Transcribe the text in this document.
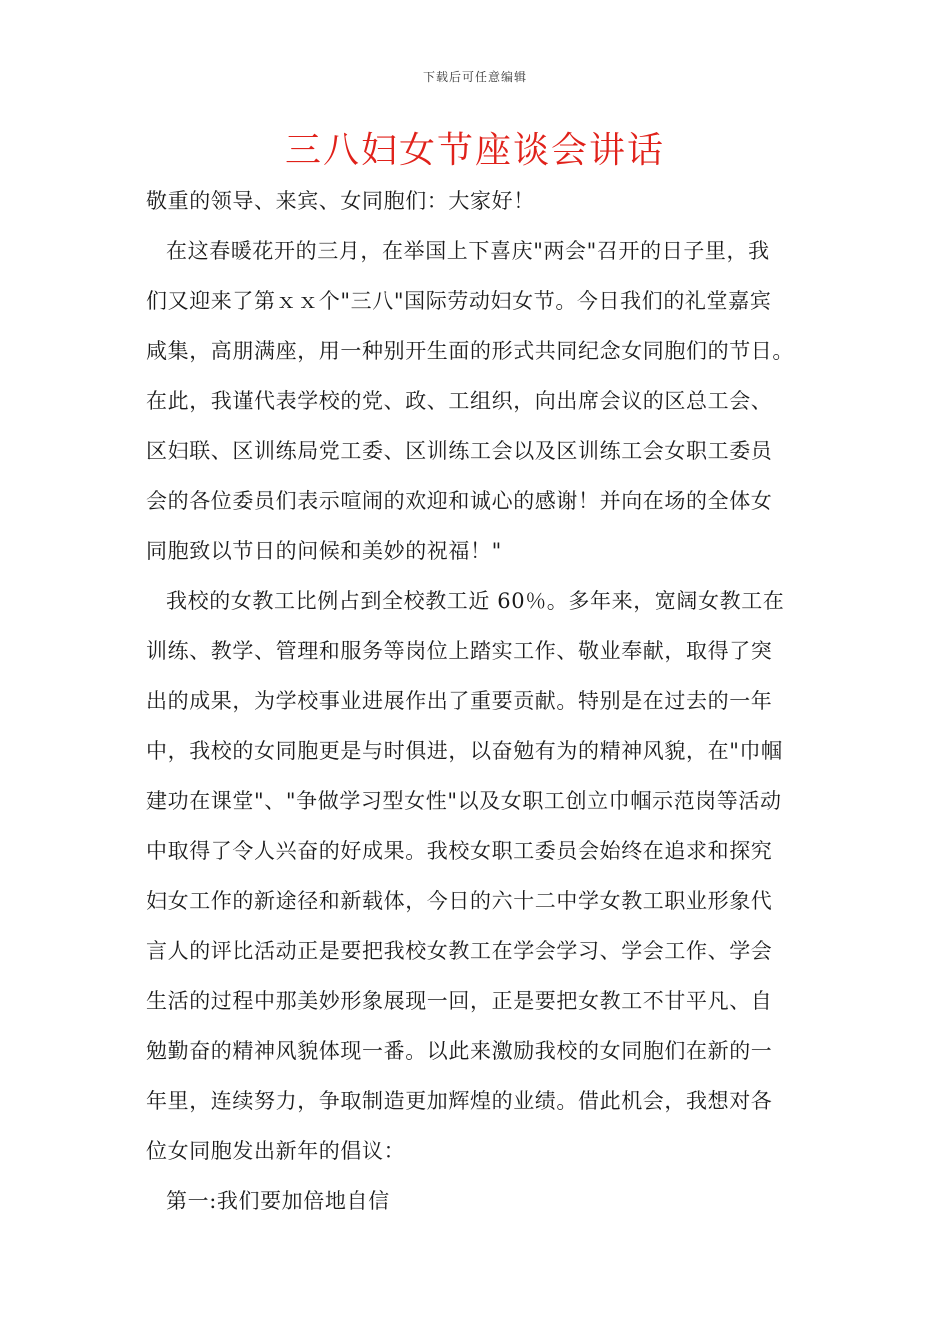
下载后可任意编辑
三八妇女节座谈会讲话
敬重的领导、来宾、女同胞们：大家好！
在这春暖花开的三月，在举国上下喜庆"两会"召开的日子里，我
们又迎来了第ｘｘ个"三八"国际劳动妇女节。今日我们的礼堂嘉宾
咸集，高朋满座，用一种别开生面的形式共同纪念女同胞们的节日。
在此，我谨代表学校的党、政、工组织，向出席会议的区总工会、
区妇联、区训练局党工委、区训练工会以及区训练工会女职工委员
会的各位委员们表示喧闹的欢迎和诚心的感谢！并向在场的全体女
同胞致以节日的问候和美妙的祝福！"
我校的女教工比例占到全校教工近 60％。多年来，宽阔女教工在
训练、教学、管理和服务等岗位上踏实工作、敬业奉献，取得了突
出的成果，为学校事业进展作出了重要贡献。特别是在过去的一年
中，我校的女同胞更是与时俱进，以奋勉有为的精神风貌，在"巾帼
建功在课堂"、"争做学习型女性"以及女职工创立巾帼示范岗等活动
中取得了令人兴奋的好成果。我校女职工委员会始终在追求和探究
妇女工作的新途径和新载体，今日的六十二中学女教工职业形象代
言人的评比活动正是要把我校女教工在学会学习、学会工作、学会
生活的过程中那美妙形象展现一回，正是要把女教工不甘平凡、自
勉勤奋的精神风貌体现一番。以此来激励我校的女同胞们在新的一
年里，连续努力，争取制造更加辉煌的业绩。借此机会，我想对各
位女同胞发出新年的倡议：
第一:我们要加倍地自信
